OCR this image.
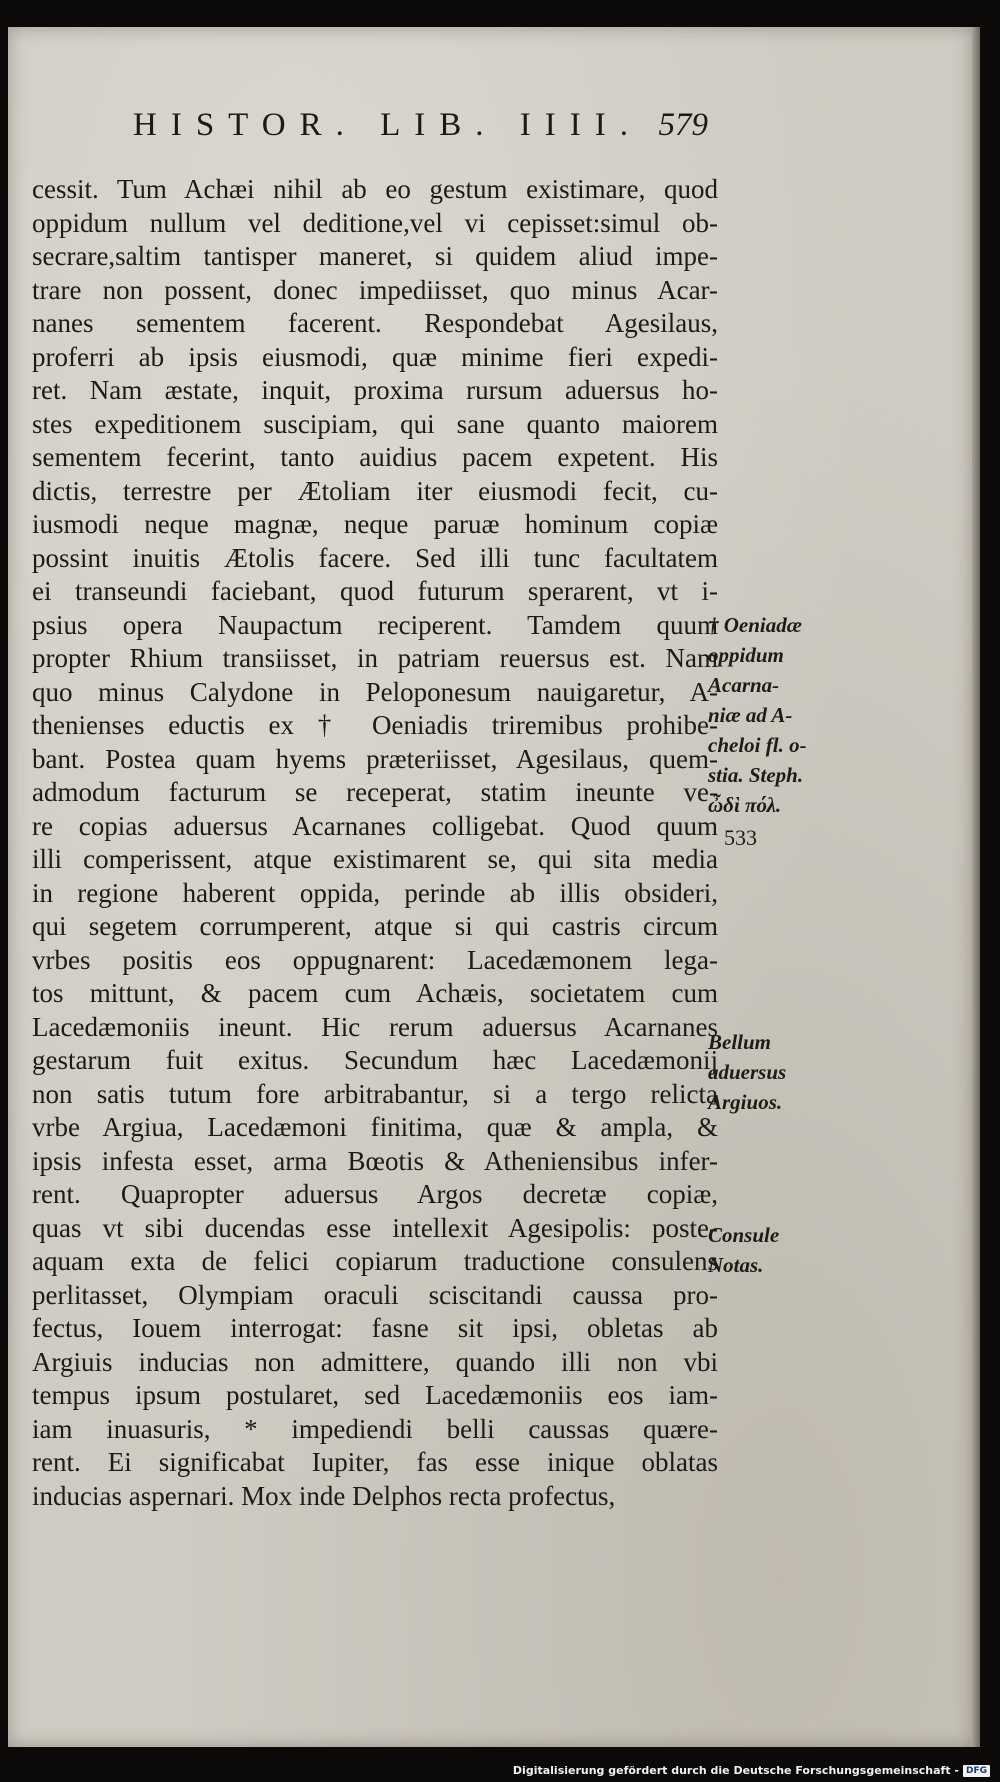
HISTOR. LIB. IIII. 579
cessit. Tum Achæi nihil ab eo gestum existimare, quod
oppidum nullum vel deditione,vel vi cepisset:simul ob-
secrare,saltim tantisper maneret, si quidem aliud impe-
trare non possent, donec impediisset, quo minus Acar-
nanes sementem facerent. Respondebat Agesilaus,
proferri ab ipsis eiusmodi, quæ minime fieri expedi-
ret. Nam æstate, inquit, proxima rursum aduersus ho-
stes expeditionem suscipiam, qui sane quanto maiorem
sementem fecerint, tanto auidius pacem expetent. His
dictis, terrestre per Ætoliam iter eiusmodi fecit, cu-
iusmodi neque magnæ, neque paruæ hominum copiæ
possint inuitis Ætolis facere. Sed illi tunc facultatem
ei transeundi faciebant, quod futurum sperarent, vt i-
psius opera Naupactum reciperent. Tamdem quum
propter Rhium transiisset, in patriam reuersus est. Nam
quo minus Calydone in Peloponesum nauigaretur, A-
thenienses eductis ex † Oeniadis triremibus prohibe-
bant. Postea quam hyems præteriisset, Agesilaus, quem-
admodum facturum se receperat, statim ineunte ve-
re copias aduersus Acarnanes colligebat. Quod quum
illi comperissent, atque existimarent se, qui sita media
in regione haberent oppida, perinde ab illis obsideri,
qui segetem corrumperent, atque si qui castris circum
vrbes positis eos oppugnarent: Lacedæmonem lega-
tos mittunt, & pacem cum Achæis, societatem cum
Lacedæmoniis ineunt. Hic rerum aduersus Acarnanes
gestarum fuit exitus. Secundum hæc Lacedæmonij
non satis tutum fore arbitrabantur, si a tergo relicta
vrbe Argiua, Lacedæmoni finitima, quæ & ampla, &
ipsis infesta esset, arma Bœotis & Atheniensibus infer-
rent. Quapropter aduersus Argos decretæ copiæ,
quas vt sibi ducendas esse intellexit Agesipolis: poste-
aquam exta de felici copiarum traductione consulens
perlitasset, Olympiam oraculi sciscitandi caussa pro-
fectus, Iouem interrogat: fasne sit ipsi, obletas ab
Argiuis inducias non admittere, quando illi non vbi
tempus ipsum postularet, sed Lacedæmoniis eos iam-
iam inuasuris, * impediendi belli caussas quære-
rent. Ei significabat Iupiter, fas esse inique oblatas
inducias aspernari. Mox inde Delphos recta profectus,
† Oeniadæ
oppidum
Acarna-
niæ ad A-
cheloi fl. o-
stia. Steph.
ὦδὶ πόλ.
533
Bellum
aduersus
Argiuos.
Consule
Notas.
Digitalisierung gefördert durch die Deutsche Forschungsgemeinschaft - DFG
